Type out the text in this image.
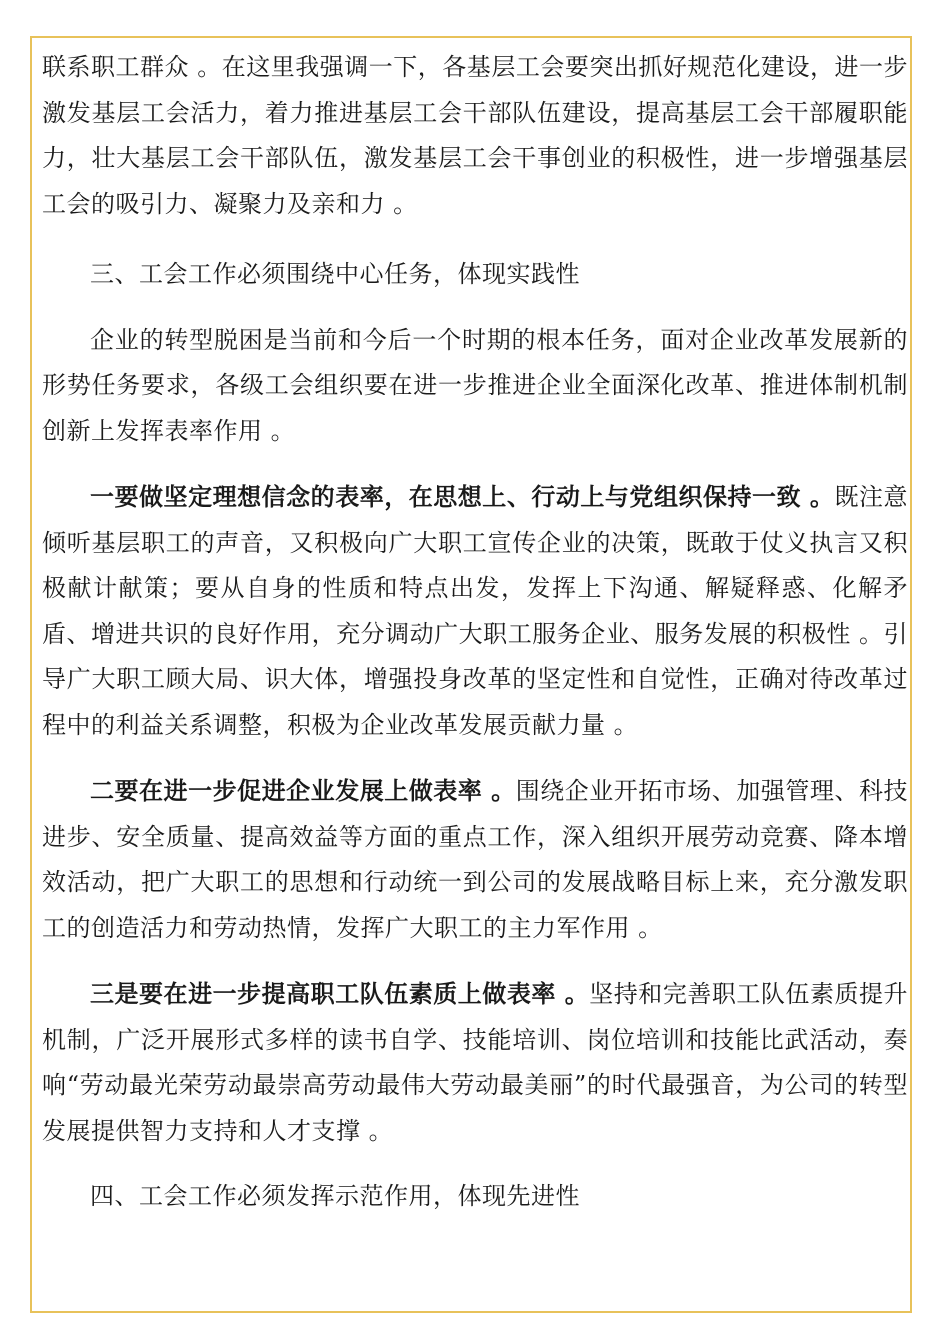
联系职工群众 。在这里我强调一下，各基层工会要突出抓好规范化建设，进一步激发基层工会活力，着力推进基层工会干部队伍建设，提高基层工会干部履职能力，壮大基层工会干部队伍，激发基层工会干事创业的积极性，进一步增强基层工会的吸引力、凝聚力及亲和力 。

三、工会工作必须围绕中心任务，体现实践性

企业的转型脱困是当前和今后一个时期的根本任务，面对企业改革发展新的形势任务要求，各级工会组织要在进一步推进企业全面深化改革、推进体制机制创新上发挥表率作用 。

一要做坚定理想信念的表率，在思想上、行动上与党组织保持一致 。既注意倾听基层职工的声音，又积极向广大职工宣传企业的决策，既敢于仗义执言又积极献计献策；要从自身的性质和特点出发，发挥上下沟通、解疑释惑、化解矛盾、增进共识的良好作用，充分调动广大职工服务企业、服务发展的积极性 。引导广大职工顾大局、识大体，增强投身改革的坚定性和自觉性，正确对待改革过程中的利益关系调整，积极为企业改革发展贡献力量 。

二要在进一步促进企业发展上做表率 。围绕企业开拓市场、加强管理、科技进步、安全质量、提高效益等方面的重点工作，深入组织开展劳动竞赛、降本增效活动，把广大职工的思想和行动统一到公司的发展战略目标上来，充分激发职工的创造活力和劳动热情，发挥广大职工的主力军作用 。

三是要在进一步提高职工队伍素质上做表率 。坚持和完善职工队伍素质提升机制，广泛开展形式多样的读书自学、技能培训、岗位培训和技能比武活动，奏响“劳动最光荣劳动最崇高劳动最伟大劳动最美丽”的时代最强音，为公司的转型发展提供智力支持和人才支撑 。

四、工会工作必须发挥示范作用，体现先进性
